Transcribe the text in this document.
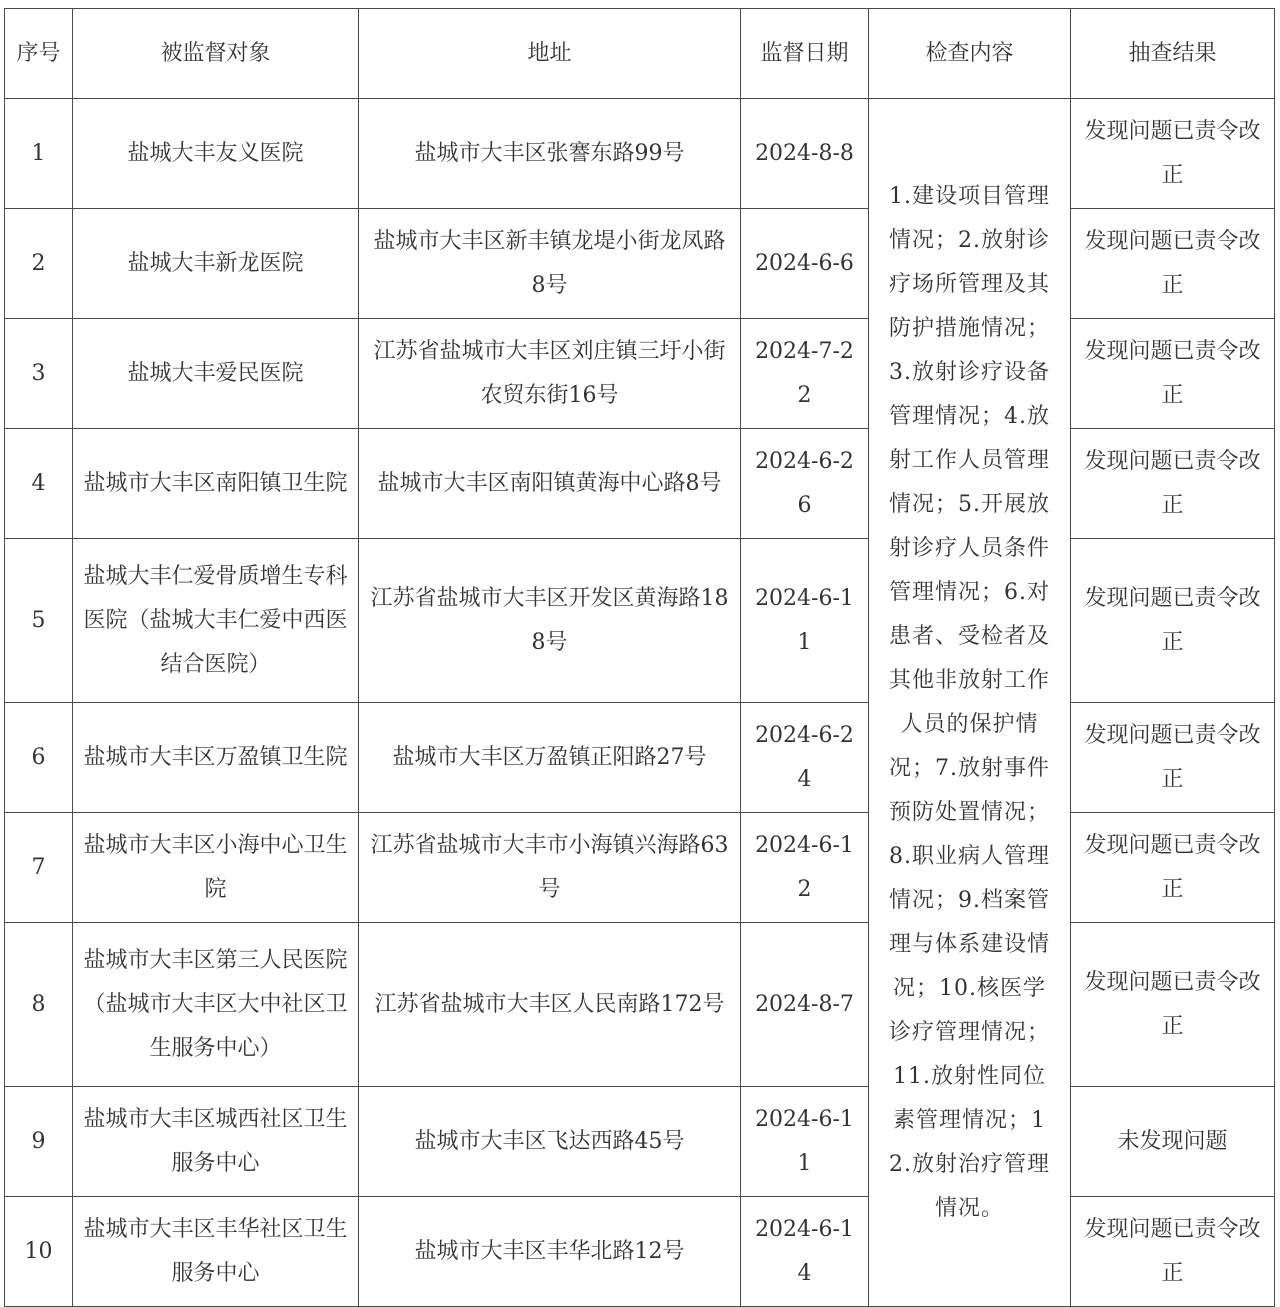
序号	被监督对象	地址	监督日期	检查内容	抽查结果
1	盐城大丰友义医院	盐城市大丰区张謇东路99号	2024-8-8	1.建设项目管理情况；2.放射诊疗场所管理及其防护措施情况；3.放射诊疗设备管理情况；4.放射工作人员管理情况；5.开展放射诊疗人员条件管理情况；6.对患者、受检者及其他非放射工作人员的保护情况；7.放射事件预防处置情况；8.职业病人管理情况；9.档案管理与体系建设情况；10.核医学诊疗管理情况；11.放射性同位素管理情况；12.放射治疗管理情况。	发现问题已责令改正
2	盐城大丰新龙医院	盐城市大丰区新丰镇龙堤小街龙凤路8号	2024-6-6		发现问题已责令改正
3	盐城大丰爱民医院	江苏省盐城市大丰区刘庄镇三圩小街农贸东街16号	2024-7-22		发现问题已责令改正
4	盐城市大丰区南阳镇卫生院	盐城市大丰区南阳镇黄海中心路8号	2024-6-26		发现问题已责令改正
5	盐城大丰仁爱骨质增生专科医院（盐城大丰仁爱中西医结合医院）	江苏省盐城市大丰区开发区黄海路188号	2024-6-11		发现问题已责令改正
6	盐城市大丰区万盈镇卫生院	盐城市大丰区万盈镇正阳路27号	2024-6-24		发现问题已责令改正
7	盐城市大丰区小海中心卫生院	江苏省盐城市大丰市小海镇兴海路63号	2024-6-12		发现问题已责令改正
8	盐城市大丰区第三人民医院（盐城市大丰区大中社区卫生服务中心）	江苏省盐城市大丰区人民南路172号	2024-8-7		发现问题已责令改正
9	盐城市大丰区城西社区卫生服务中心	盐城市大丰区飞达西路45号	2024-6-11		未发现问题
10	盐城市大丰区丰华社区卫生服务中心	盐城市大丰区丰华北路12号	2024-6-14		发现问题已责令改正
